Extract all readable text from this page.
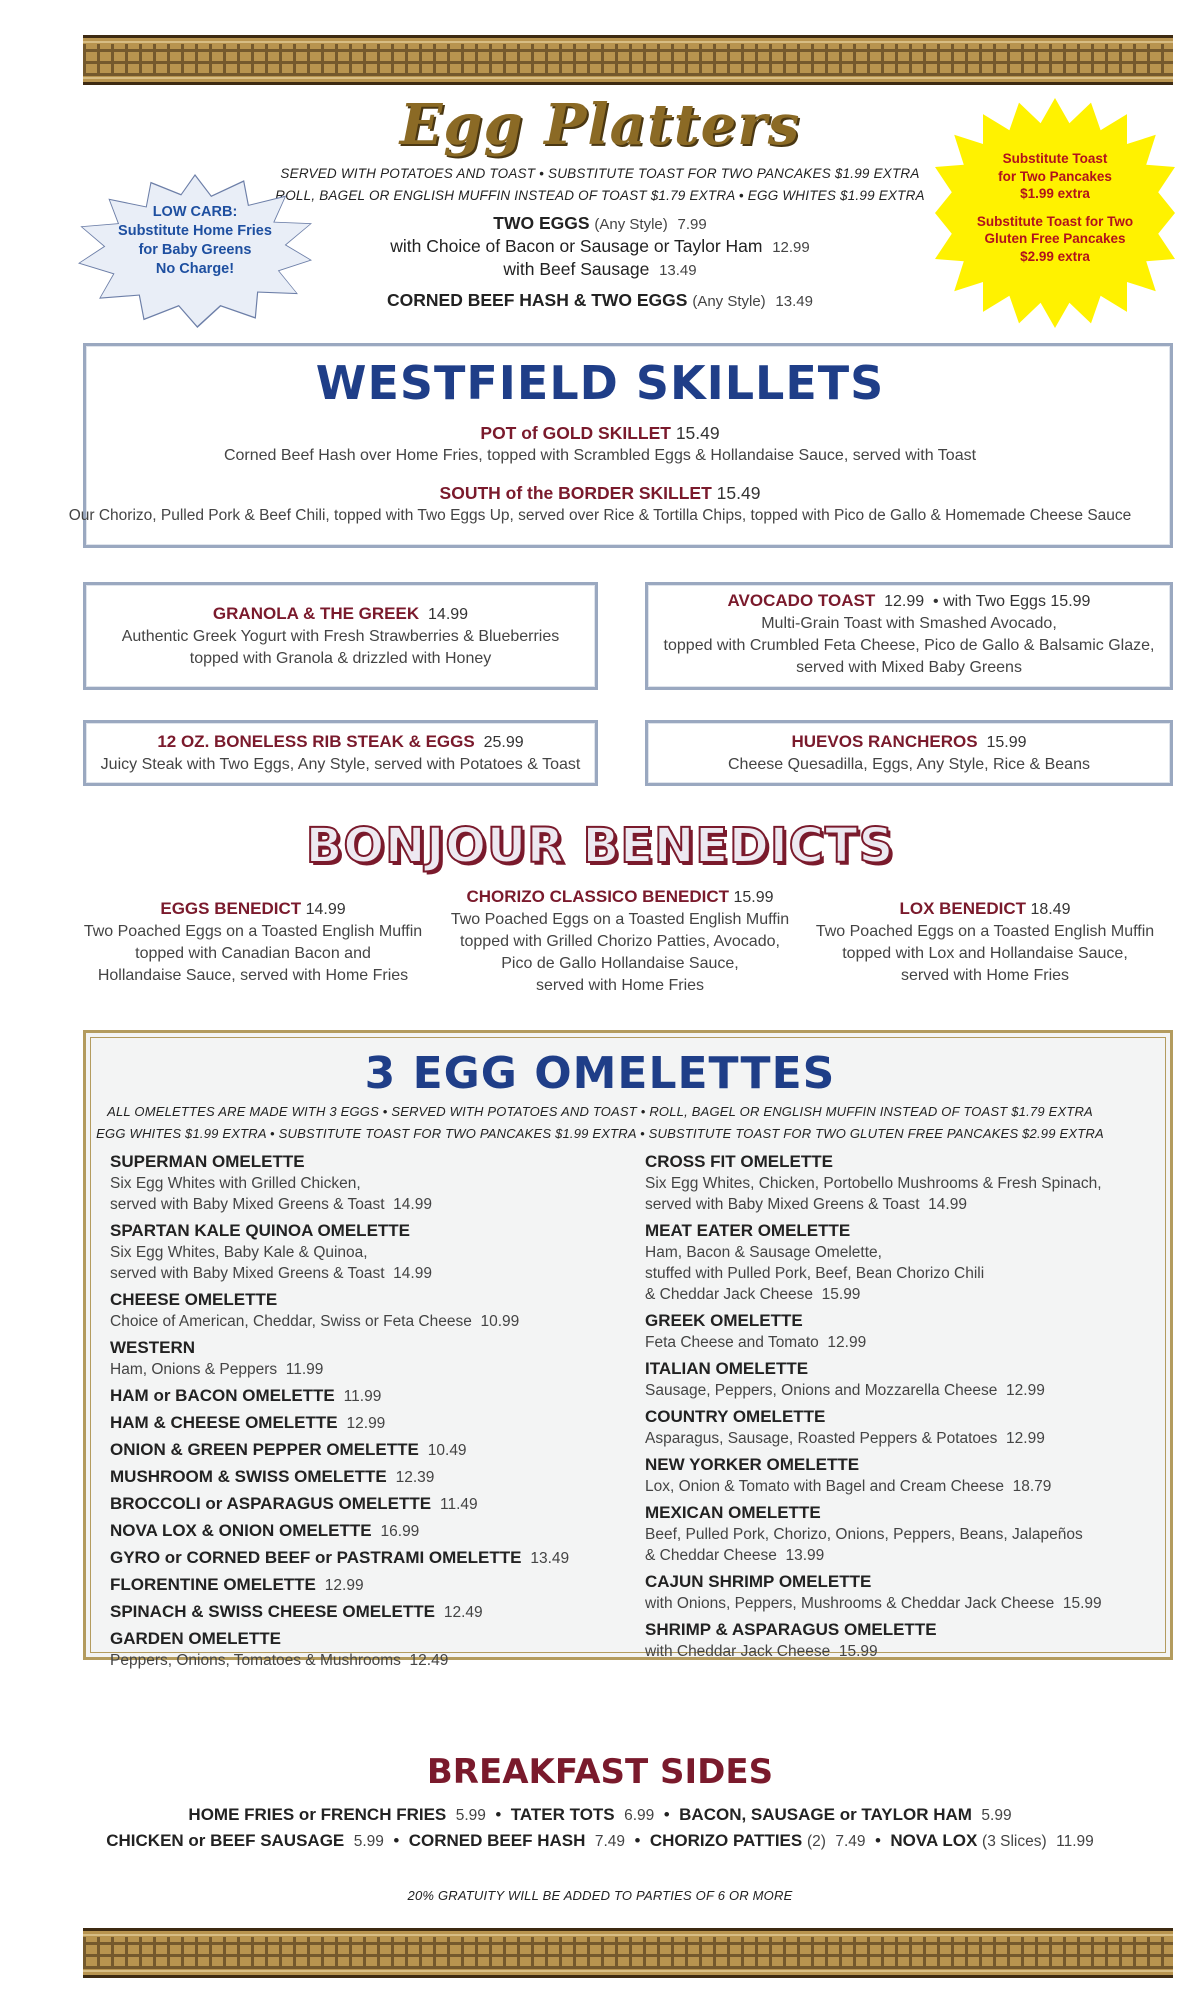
Egg Platters
SERVED WITH POTATOES AND TOAST • SUBSTITUTE TOAST FOR TWO PANCAKES $1.99 EXTRA
ROLL, BAGEL OR ENGLISH MUFFIN INSTEAD OF TOAST $1.79 EXTRA • EGG WHITES $1.99 EXTRA
TWO EGGS (Any Style) 7.99
with Choice of Bacon or Sausage or Taylor Ham 12.99
with Beef Sausage 13.49
CORNED BEEF HASH & TWO EGGS (Any Style) 13.49
LOW CARB:
Substitute Home Fries
for Baby Greens
No Charge!
Substitute Toast
for Two Pancakes
$1.99 extra
Substitute Toast for Two
Gluten Free Pancakes
$2.99 extra
WESTFIELD SKILLETS
POT of GOLD SKILLET 15.49
Corned Beef Hash over Home Fries, topped with Scrambled Eggs & Hollandaise Sauce, served with Toast
SOUTH of the BORDER SKILLET 15.49
Our Chorizo, Pulled Pork & Beef Chili, topped with Two Eggs Up, served over Rice & Tortilla Chips, topped with Pico de Gallo & Homemade Cheese Sauce
GRANOLA & THE GREEK 14.99
Authentic Greek Yogurt with Fresh Strawberries & Blueberries
topped with Granola & drizzled with Honey
AVOCADO TOAST 12.99 • with Two Eggs 15.99
Multi-Grain Toast with Smashed Avocado,
topped with Crumbled Feta Cheese, Pico de Gallo & Balsamic Glaze,
served with Mixed Baby Greens
12 OZ. BONELESS RIB STEAK & EGGS 25.99
Juicy Steak with Two Eggs, Any Style, served with Potatoes & Toast
HUEVOS RANCHEROS 15.99
Cheese Quesadilla, Eggs, Any Style, Rice & Beans
BONJOUR BENEDICTS
EGGS BENEDICT 14.99
Two Poached Eggs on a Toasted English Muffin
topped with Canadian Bacon and
Hollandaise Sauce, served with Home Fries
CHORIZO CLASSICO BENEDICT 15.99
Two Poached Eggs on a Toasted English Muffin
topped with Grilled Chorizo Patties, Avocado,
Pico de Gallo Hollandaise Sauce,
served with Home Fries
LOX BENEDICT 18.49
Two Poached Eggs on a Toasted English Muffin
topped with Lox and Hollandaise Sauce,
served with Home Fries
3 EGG OMELETTES
ALL OMELETTES ARE MADE WITH 3 EGGS • SERVED WITH POTATOES AND TOAST • ROLL, BAGEL OR ENGLISH MUFFIN INSTEAD OF TOAST $1.79 EXTRA
EGG WHITES $1.99 EXTRA • SUBSTITUTE TOAST FOR TWO PANCAKES $1.99 EXTRA • SUBSTITUTE TOAST FOR TWO GLUTEN FREE PANCAKES $2.99 EXTRA
SUPERMAN OMELETTE
Six Egg Whites with Grilled Chicken,
served with Baby Mixed Greens & Toast 14.99
SPARTAN KALE QUINOA OMELETTE
Six Egg Whites, Baby Kale & Quinoa,
served with Baby Mixed Greens & Toast 14.99
CHEESE OMELETTE
Choice of American, Cheddar, Swiss or Feta Cheese 10.99
WESTERN
Ham, Onions & Peppers 11.99
HAM or BACON OMELETTE 11.99
HAM & CHEESE OMELETTE 12.99
ONION & GREEN PEPPER OMELETTE 10.49
MUSHROOM & SWISS OMELETTE 12.39
BROCCOLI or ASPARAGUS OMELETTE 11.49
NOVA LOX & ONION OMELETTE 16.99
GYRO or CORNED BEEF or PASTRAMI OMELETTE 13.49
FLORENTINE OMELETTE 12.99
SPINACH & SWISS CHEESE OMELETTE 12.49
GARDEN OMELETTE
Peppers, Onions, Tomatoes & Mushrooms 12.49
CROSS FIT OMELETTE
Six Egg Whites, Chicken, Portobello Mushrooms & Fresh Spinach,
served with Baby Mixed Greens & Toast 14.99
MEAT EATER OMELETTE
Ham, Bacon & Sausage Omelette,
stuffed with Pulled Pork, Beef, Bean Chorizo Chili
& Cheddar Jack Cheese 15.99
GREEK OMELETTE
Feta Cheese and Tomato 12.99
ITALIAN OMELETTE
Sausage, Peppers, Onions and Mozzarella Cheese 12.99
COUNTRY OMELETTE
Asparagus, Sausage, Roasted Peppers & Potatoes 12.99
NEW YORKER OMELETTE
Lox, Onion & Tomato with Bagel and Cream Cheese 18.79
MEXICAN OMELETTE
Beef, Pulled Pork, Chorizo, Onions, Peppers, Beans, Jalapeños
& Cheddar Cheese 13.99
CAJUN SHRIMP OMELETTE
with Onions, Peppers, Mushrooms & Cheddar Jack Cheese 15.99
SHRIMP & ASPARAGUS OMELETTE
with Cheddar Jack Cheese 15.99
BREAKFAST SIDES
HOME FRIES or FRENCH FRIES 5.99 • TATER TOTS 6.99 • BACON, SAUSAGE or TAYLOR HAM 5.99
CHICKEN or BEEF SAUSAGE 5.99 • CORNED BEEF HASH 7.49 • CHORIZO PATTIES (2) 7.49 • NOVA LOX (3 Slices) 11.99
20% GRATUITY WILL BE ADDED TO PARTIES OF 6 OR MORE
